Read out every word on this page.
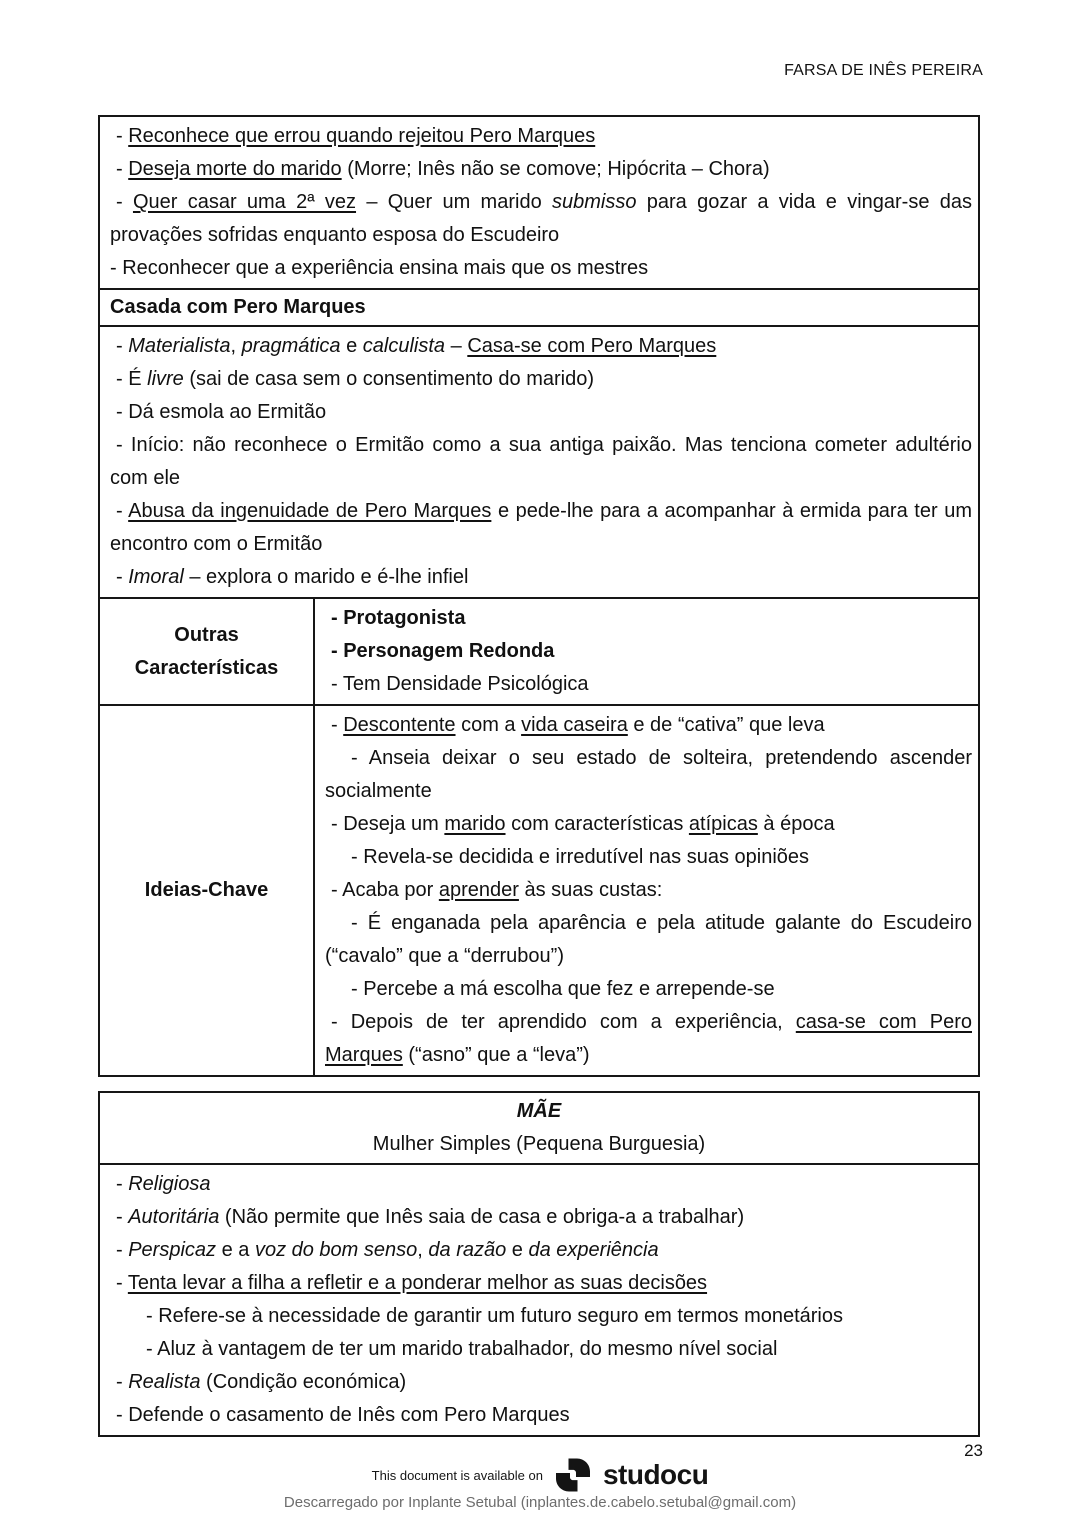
FARSA DE INÊS PEREIRA
- Reconhece que errou quando rejeitou Pero Marques
- Deseja morte do marido (Morre; Inês não se comove; Hipócrita – Chora)
- Quer casar uma 2ª vez – Quer um marido submisso para gozar a vida e vingar-se das provações sofridas enquanto esposa do Escudeiro
- Reconhecer que a experiência ensina mais que os mestres
Casada com Pero Marques
- Materialista, pragmática e calculista – Casa-se com Pero Marques
- É livre (sai de casa sem o consentimento do marido)
- Dá esmola ao Ermitão
- Início: não reconhece o Ermitão como a sua antiga paixão. Mas tenciona cometer adultério com ele
- Abusa da ingenuidade de Pero Marques e pede-lhe para a acompanhar à ermida para ter um encontro com o Ermitão
- Imoral – explora o marido e é-lhe infiel
Outras Características
- Protagonista
- Personagem Redonda
- Tem Densidade Psicológica
Ideias-Chave
- Descontente com a vida caseira e de “cativa” que leva
- Anseia deixar o seu estado de solteira, pretendendo ascender socialmente
- Deseja um marido com características atípicas à época
- Revela-se decidida e irredutível nas suas opiniões
- Acaba por aprender às suas custas:
- É enganada pela aparência e pela atitude galante do Escudeiro (“cavalo” que a “derrubou”)
- Percebe a má escolha que fez e arrepende-se
- Depois de ter aprendido com a experiência, casa-se com Pero Marques (“asno” que a “leva”)
MÃE
Mulher Simples (Pequena Burguesia)
- Religiosa
- Autoritária (Não permite que Inês saia de casa e obriga-a a trabalhar)
- Perspicaz e a voz do bom senso, da razão e da experiência
- Tenta levar a filha a refletir e a ponderar melhor as suas decisões
- Refere-se à necessidade de garantir um futuro seguro em termos monetários
- Aluz à vantagem de ter um marido trabalhador, do mesmo nível social
- Realista (Condição económica)
- Defende o casamento de Inês com Pero Marques
23
This document is available on studocu
Descarregado por Inplante Setubal (inplantes.de.cabelo.setubal@gmail.com)
